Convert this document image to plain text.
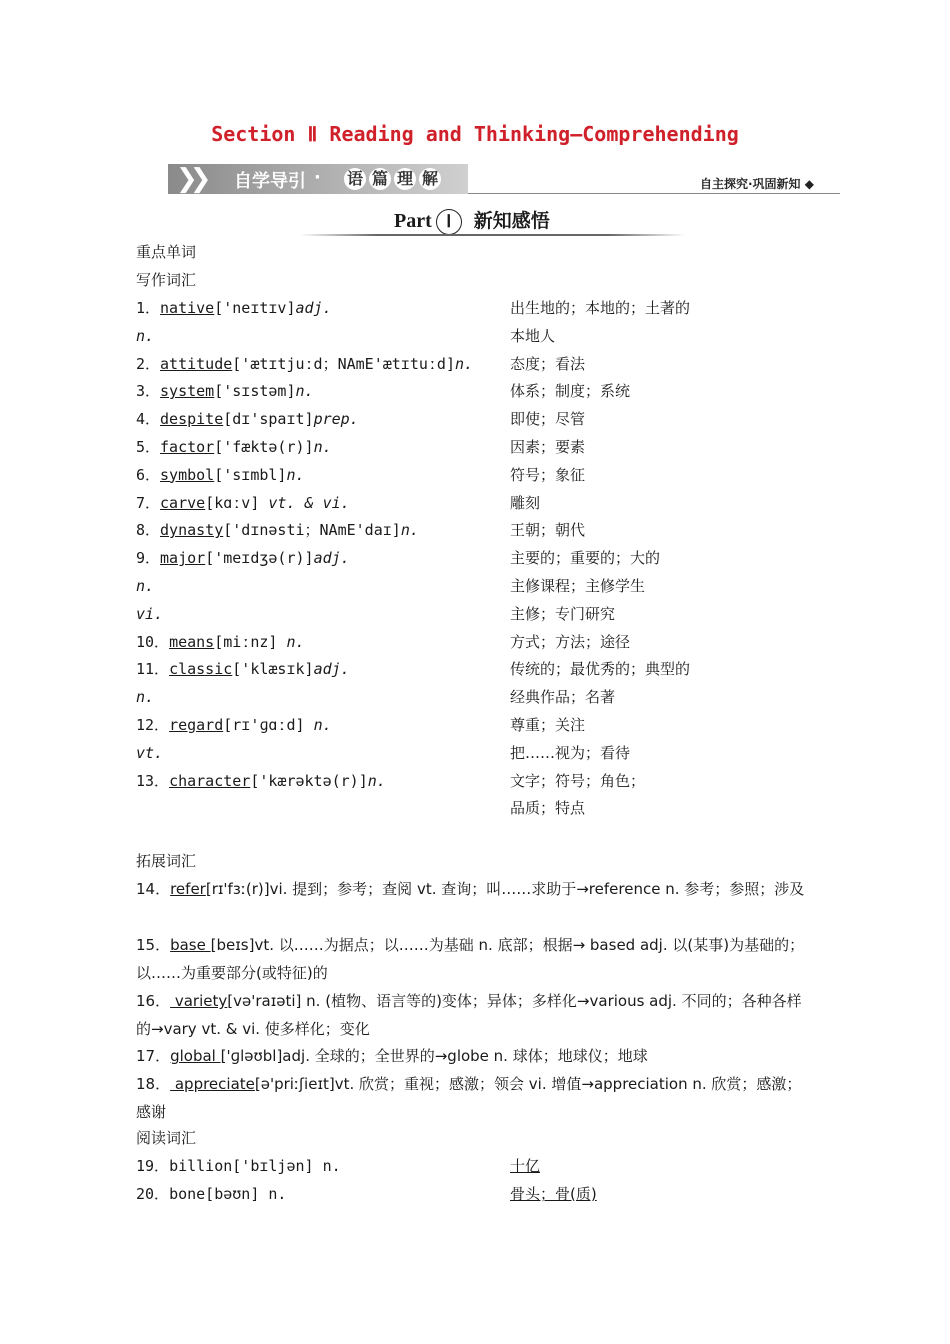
Section Ⅱ Reading and Thinking—Comprehending
❯❯ 自学导引 · 语 篇 理 解	自主探究·巩固新知 ◆
Part Ⅰ 新知感悟
重点单词
写作词汇
1．native['neɪtɪv]adj.	出生地的；本地的；土著的
n.	本地人
2．attitude['ætɪtjuːd；NAmE'ætɪtuːd]n. 态度；看法
3．system['sɪstəm]n.	体系；制度；系统
4．despite[dɪ'spaɪt]prep.	即使；尽管
5．factor['fæktə(r)]n.	因素；要素
6．symbol['sɪmbl]n.	符号；象征
7．carve[kɑːv] vt. & vi.	雕刻
8．dynasty['dɪnəsti；NAmE'daɪ]n.	王朝；朝代
9．major['meɪdʒə(r)]adj.	主要的；重要的；大的
n.	主修课程；主修学生
vi.	主修；专门研究
10．means[miːnz] n.	方式；方法；途径
11．classic['klæsɪk]adj.	传统的；最优秀的；典型的
n.	经典作品；名著
12．regard[rɪ'ɡɑːd] n.	尊重；关注
vt.	把……视为；看待
13．character['kærəktə(r)]n.	文字；符号；角色；
品质；特点
拓展词汇
14．refer[rɪ'fɜː(r)]vi. 提到；参考；查阅 vt. 查询；叫……求助于→reference n. 参考；参照；涉及
15．base [beɪs]vt. 以……为据点；以……为基础 n. 底部；根据→ based adj. 以(某事)为基础的；以……为重要部分(或特征)的
16． variety[və'raɪəti] n. (植物、语言等的)变体；异体；多样化→various adj. 不同的；各种各样的→vary vt. & vi. 使多样化；变化
17．global ['ɡləʊbl]adj. 全球的；全世界的→globe n. 球体；地球仪；地球
18． appreciate[ə'priːʃieɪt]vt. 欣赏；重视；感激；领会 vi. 增值→appreciation n. 欣赏；感激；感谢
阅读词汇
19．billion['bɪljən] n.	十亿
20．bone[bəʊn] n.	骨头；骨(质)
